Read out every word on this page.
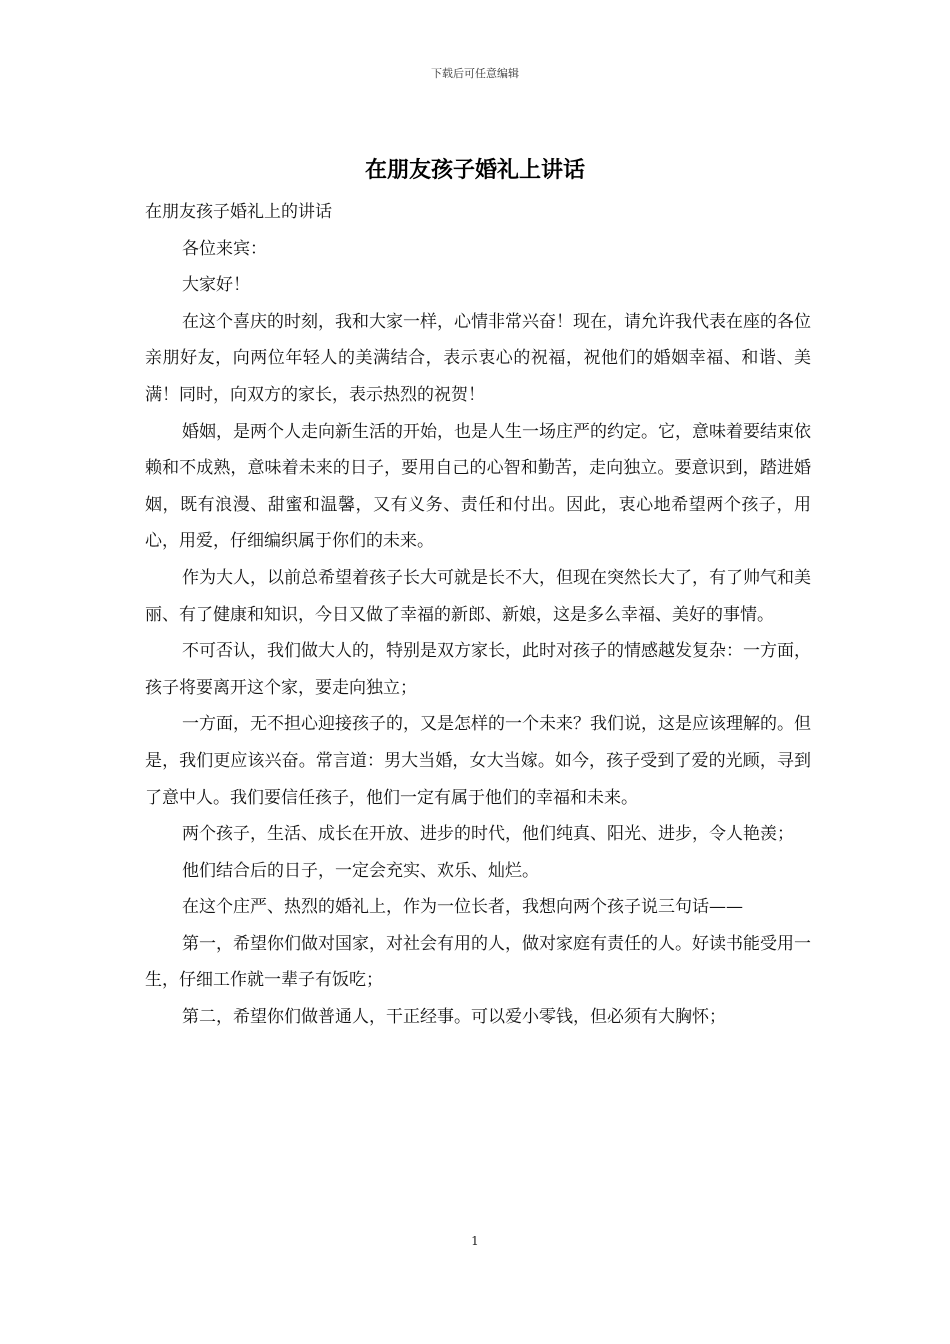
下载后可任意编辑
在朋友孩子婚礼上讲话

在朋友孩子婚礼上的讲话

各位来宾：

大家好！

在这个喜庆的时刻，我和大家一样，心情非常兴奋！现在，请允许我代表在座的各位亲朋好友，向两位年轻人的美满结合，表示衷心的祝福，祝他们的婚姻幸福、和谐、美满！同时，向双方的家长，表示热烈的祝贺！

婚姻，是两个人走向新生活的开始，也是人生一场庄严的约定。它，意味着要结束依赖和不成熟，意味着未来的日子，要用自己的心智和勤苦，走向独立。要意识到，踏进婚姻，既有浪漫、甜蜜和温馨，又有义务、责任和付出。因此，衷心地希望两个孩子，用心，用爱，仔细编织属于你们的未来。

作为大人，以前总希望着孩子长大可就是长不大，但现在突然长大了，有了帅气和美丽、有了健康和知识，今日又做了幸福的新郎、新娘，这是多么幸福、美好的事情。

不可否认，我们做大人的，特别是双方家长，此时对孩子的情感越发复杂：一方面，孩子将要离开这个家，要走向独立；

一方面，无不担心迎接孩子的，又是怎样的一个未来？我们说，这是应该理解的。但是，我们更应该兴奋。常言道：男大当婚，女大当嫁。如今，孩子受到了爱的光顾，寻到了意中人。我们要信任孩子，他们一定有属于他们的幸福和未来。

两个孩子，生活、成长在开放、进步的时代，他们纯真、阳光、进步，令人艳羡；

他们结合后的日子，一定会充实、欢乐、灿烂。

在这个庄严、热烈的婚礼上，作为一位长者，我想向两个孩子说三句话——

第一，希望你们做对国家，对社会有用的人，做对家庭有责任的人。好读书能受用一生，仔细工作就一辈子有饭吃；

第二，希望你们做普通人，干正经事。可以爱小零钱，但必须有大胸怀；

1
